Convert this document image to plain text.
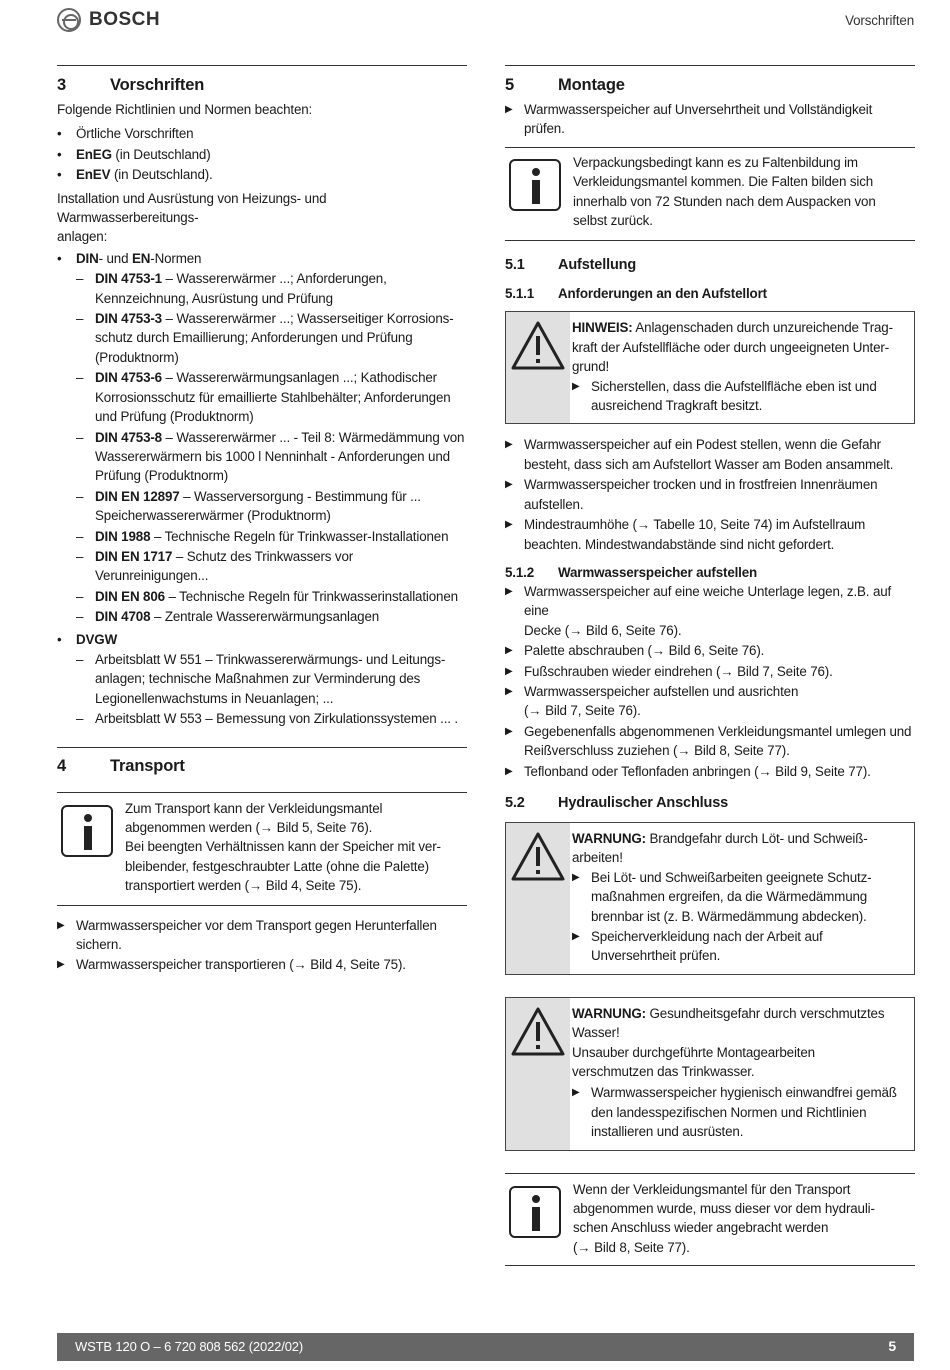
BOSCH	Vorschriften
3	Vorschriften
Folgende Richtlinien und Normen beachten:
•	Örtliche Vorschriften
•	EnEG (in Deutschland)
•	EnEV (in Deutschland).
Installation und Ausrüstung von Heizungs- und Warmwasserbereitungs-
anlagen:
•	DIN- und EN-Normen
– DIN 4753-1 – Wassererwärmer ...; Anforderungen,
Kennzeichnung, Ausrüstung und Prüfung
– DIN 4753-3 – Wassererwärmer ...; Wasserseitiger Korrosions-
schutz durch Emaillierung; Anforderungen und Prüfung
(Produktnorm)
– DIN 4753-6 – Wassererwärmungsanlagen ...; Kathodischer
Korrosionsschutz für emaillierte Stahlbehälter; Anforderungen
und Prüfung (Produktnorm)
– DIN 4753-8 – Wassererwärmer ... - Teil 8: Wärmedämmung von
Wassererwärmern bis 1000 l Nenninhalt - Anforderungen und
Prüfung (Produktnorm)
– DIN EN 12897 – Wasserversorgung - Bestimmung für ...
Speicherwassererwärmer (Produktnorm)
– DIN 1988 – Technische Regeln für Trinkwasser-Installationen
– DIN EN 1717 – Schutz des Trinkwassers vor Verunreinigungen...
– DIN EN 806 – Technische Regeln für Trinkwasserinstallationen
– DIN 4708 – Zentrale Wassererwärmungsanlagen
•	DVGW
– Arbeitsblatt W 551 – Trinkwassererwärmungs- und Leitungs-
anlagen; technische Maßnahmen zur Verminderung des
Legionellenwachstums in Neuanlagen; ...
– Arbeitsblatt W 553 – Bemessung von Zirkulationssystemen ... .
4	Transport
Zum Transport kann der Verkleidungsmantel
abgenommen werden (→ Bild 5, Seite 76).
Bei beengten Verhältnissen kann der Speicher mit ver-
bleibender, festgeschraubter Latte (ohne die Palette)
transportiert werden (→ Bild 4, Seite 75).
▶ Warmwasserspeicher vor dem Transport gegen Herunterfallen
sichern.
▶ Warmwasserspeicher transportieren (→ Bild 4, Seite 75).
5	Montage
▶ Warmwasserspeicher auf Unversehrtheit und Vollständigkeit prüfen.
Verpackungsbedingt kann es zu Faltenbildung im
Verkleidungsmantel kommen. Die Falten bilden sich
innerhalb von 72 Stunden nach dem Auspacken von
selbst zurück.
5.1	Aufstellung
5.1.1	Anforderungen an den Aufstellort
HINWEIS: Anlagenschaden durch unzureichende Trag-
kraft der Aufstellfläche oder durch ungeeigneten Unter-
grund!
▶ Sicherstellen, dass die Aufstellfläche eben ist und
ausreichend Tragkraft besitzt.
▶ Warmwasserspeicher auf ein Podest stellen, wenn die Gefahr
besteht, dass sich am Aufstellort Wasser am Boden ansammelt.
▶ Warmwasserspeicher trocken und in frostfreien Innenräumen
aufstellen.
▶ Mindestraumhöhe (→ Tabelle 10, Seite 74) im Aufstellraum
beachten. Mindestwandabstände sind nicht gefordert.
5.1.2	Warmwasserspeicher aufstellen
▶ Warmwasserspeicher auf eine weiche Unterlage legen, z.B. auf eine
Decke (→ Bild 6, Seite 76).
▶ Palette abschrauben (→ Bild 6, Seite 76).
▶ Fußschrauben wieder eindrehen (→ Bild 7, Seite 76).
▶ Warmwasserspeicher aufstellen und ausrichten
(→ Bild 7, Seite 76).
▶ Gegebenenfalls abgenommenen Verkleidungsmantel umlegen und
Reißverschluss zuziehen (→ Bild 8, Seite 77).
▶ Teflonband oder Teflonfaden anbringen (→ Bild 9, Seite 77).
5.2	Hydraulischer Anschluss
WARNUNG: Brandgefahr durch Löt- und Schweiß-
arbeiten!
▶ Bei Löt- und Schweißarbeiten geeignete Schutz-
maßnahmen ergreifen, da die Wärmedämmung
brennbar ist (z. B. Wärmedämmung abdecken).
▶ Speicherverkleidung nach der Arbeit auf
Unversehrtheit prüfen.
WARNUNG: Gesundheitsgefahr durch verschmutztes
Wasser!
Unsauber durchgeführte Montagearbeiten
verschmutzen das Trinkwasser.
▶ Warmwasserspeicher hygienisch einwandfrei gemäß
den landesspezifischen Normen und Richtlinien
installieren und ausrüsten.
Wenn der Verkleidungsmantel für den Transport
abgenommen wurde, muss dieser vor dem hydrauli-
schen Anschluss wieder angebracht werden
(→ Bild 8, Seite 77).
WSTB 120 O – 6 720 808 562 (2022/02)	5
